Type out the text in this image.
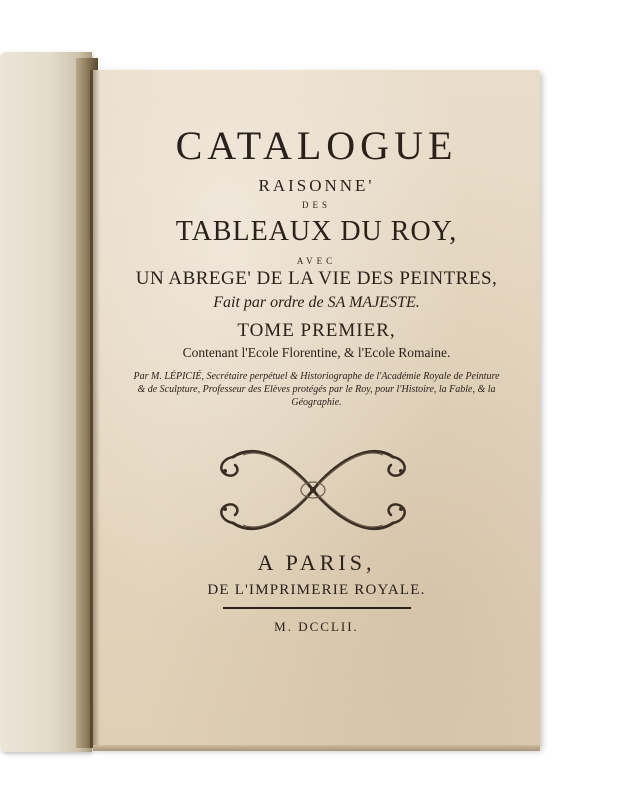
CATALOGUE
RAISONNE'
DES
TABLEAUX DU ROY,
AVEC
UN ABREGE' DE LA VIE DES PEINTRES,
Fait par ordre de SA MAJESTE.
TOME PREMIER,
Contenant l'Ecole Florentine, & l'Ecole Romaine.
Par M. LÉPICIÉ, Secrétaire perpétuel & Historiographe de l'Académie Royale de Peinture & de Sculpture, Professeur des Elèves protégés par le Roy, pour l'Histoire, la Fable, & la Géographie.
A PARIS,
DE L'IMPRIMERIE ROYALE.
M. DCCLII.
